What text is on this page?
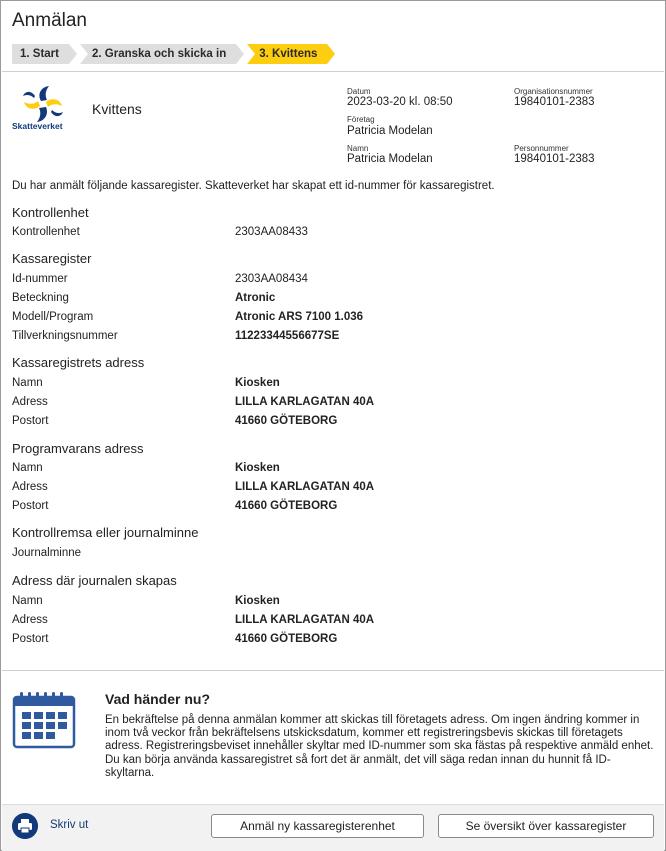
Anmälan
1. Start	2. Granska och skicka in	3. Kvittens
Skatteverket
Kvittens
Datum
2023-03-20 kl. 08:50
Organisationsnummer
19840101-2383
Företag
Patricia Modelan
Namn
Patricia Modelan
Personnummer
19840101-2383
Du har anmält följande kassaregister. Skatteverket har skapat ett id-nummer för kassaregistret.
Kontrollenhet
Kontrollenhet	2303AA08433
Kassaregister
Id-nummer	2303AA08434
Beteckning	Atronic
Modell/Program	Atronic ARS 7100 1.036
Tillverkningsnummer	11223344556677SE
Kassaregistrets adress
Namn	Kiosken
Adress	LILLA KARLAGATAN 40A
Postort	41660 GÖTEBORG
Programvarans adress
Namn	Kiosken
Adress	LILLA KARLAGATAN 40A
Postort	41660 GÖTEBORG
Kontrollremsa eller journalminne
Journalminne
Adress där journalen skapas
Namn	Kiosken
Adress	LILLA KARLAGATAN 40A
Postort	41660 GÖTEBORG
Vad händer nu?
En bekräftelse på denna anmälan kommer att skickas till företagets adress. Om ingen ändring kommer in inom två veckor från bekräftelsens utskicksdatum, kommer ett registreringsbevis skickas till företagets adress. Registreringsbeviset innehåller skyltar med ID-nummer som ska fästas på respektive anmäld enhet. Du kan börja använda kassaregistret så fort det är anmält, det vill säga redan innan du hunnit få ID-skyltarna.
Skriv ut	Anmäl ny kassaregisterenhet	Se översikt över kassaregister
